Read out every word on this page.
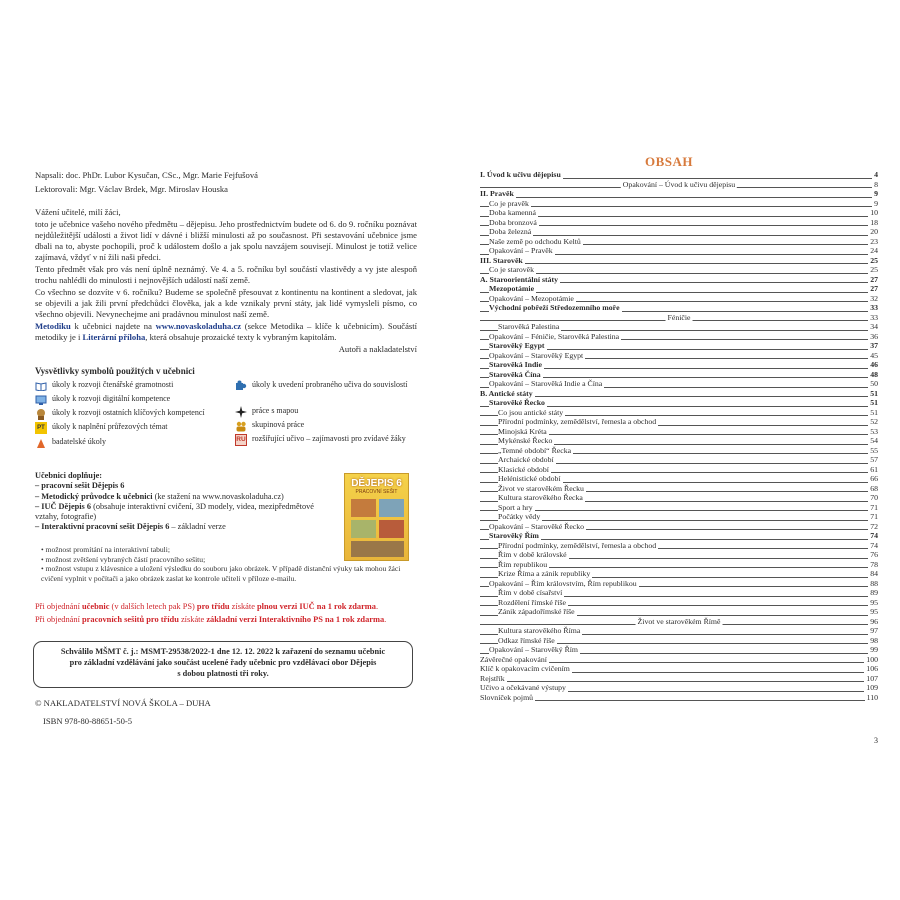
Napsali: doc. PhDr. Lubor Kysučan, CSc., Mgr. Marie Fejfušová
Lektorovali: Mgr. Václav Brdek, Mgr. Miroslav Houska

Vážení učitelé, milí žáci,

toto je učebnice vašeho nového předmětu – dějepisu. Jeho prostřednictvím budete od 6. do 9. ročníku poznávat nejdůležitější události a život lidí v dávné i bližší minulosti až po současnost. Při sestavování učebnice jsme dbali na to, abyste pochopili, proč k událostem došlo a jak spolu navzájem souvisejí. Minulost je totiž velice zajímavá, vždyť v ní žili naši předci.

Tento předmět však pro vás není úplně neznámý. Ve 4. a 5. ročníku byl součástí vlastivědy a vy jste alespoň trochu nahlédli do minulosti i nejnovějších událostí naší země.

Co všechno se dozvíte v 6. ročníku? Budeme se společně přesouvat z kontinentu na kontinent a sledovat, jak se objevili a jak žili první předchůdci člověka, jak a kde vznikaly první státy, jak lidé vymysleli písmo, co všechno objevili. Nevynechejme ani pradávnou minulost naší země.

Metodiku k učebnici najdete na www.novaskoladuha.cz (sekce Metodika – klíče k učebnicím). Součástí metodiky je i Literární příloha, která obsahuje prozaické texty k vybraným kapitolám.

Autoři a nakladatelství

Vysvětlivky symbolů použitých v učebnici
úkoly k rozvoji čtenářské gramotnosti
úkoly k rozvoji digitální kompetence
úkoly k rozvoji ostatních klíčových kompetencí
PT úkoly k naplnění průřezových témat
badatelské úkoly
úkoly k uvedení probraného učiva do souvislostí
práce s mapou
skupinová práce
RU rozšiřující učivo – zajímavosti pro zvídavé žáky
Učebnici doplňuje:
– pracovní sešit Dějepis 6
– Metodický průvodce k učebnici (ke stažení na www.novaskoladuha.cz)
– IUČ Dějepis 6 (obsahuje interaktivní cvičení, 3D modely, videa, mezipředmětové vztahy, fotografie)
– Interaktivní pracovní sešit Dějepis 6 – základní verze
• možnost promítání na interaktivní tabuli;
• možnost zvětšení vybraných částí pracovního sešitu;
• možnost vstupu z klávesnice a uložení výsledku do souboru jako obrázek. V případě distanční výuky tak mohou žáci cvičení vyplnit v počítači a jako obrázek zaslat ke kontrole učiteli v příloze e-mailu.
DĚJEPIS 6
PRACOVNÍ SEŠIT
Při objednání učebnic (v dalších letech pak PS) pro třídu získáte plnou verzi IUČ na 1 rok zdarma.
Při objednání pracovních sešitů pro třídu získáte základní verzi Interaktivního PS na 1 rok zdarma.
Schválilo MŠMT č. j.: MSMT-29538/2022-1 dne 12. 12. 2022 k zařazení do seznamu učebnic
pro základní vzdělávání jako součást ucelené řady učebnic pro vzdělávací obor Dějepis
s dobou platnosti tři roky.
© NAKLADATELSTVÍ NOVÁ ŠKOLA – DUHA
ISBN 978-80-88651-50-5
OBSAH
I. Úvod k učivu dějepisu	4
Opakování – Úvod k učivu dějepisu	8
II. Pravěk	9
Co je pravěk	9
Doba kamenná	10
Doba bronzová	18
Doba železná	20
Naše země po odchodu Keltů	23
Opakování – Pravěk	24
III. Starověk	25
Co je starověk	25
A. Staroorientální státy	27
Mezopotámie	27
Opakování – Mezopotámie	32
Východní pobřeží Středozemního moře	33
Féničie	33
Starověká Palestina	34
Opakování – Féničie, Starověká Palestina	36
Starověký Egypt	37
Opakování – Starověký Egypt	45
Starověká Indie	46
Starověká Čína	48
Opakování – Starověká Indie a Čína	50
B. Antické státy	51
Starověké Řecko	51
Co jsou antické státy	51
Přírodní podmínky, zemědělství, řemesla a obchod	52
Minojská Kréta	53
Mykénské Řecko	54
„Temné období“ Řecka	55
Archaické období	57
Klasické období	61
Helénistické období	66
Život ve starověkém Řecku	68
Kultura starověkého Řecka	70
Sport a hry	71
Počátky vědy	71
Opakování – Starověké Řecko	72
Starověký Řím	74
Přírodní podmínky, zemědělství, řemesla a obchod	74
Řím v době královské	76
Řím republikou	78
Krize Říma a zánik republiky	84
Opakování – Řím královstvím, Řím republikou	88
Řím v době císařství	89
Rozdělení římské říše	95
Zánik západořímské říše	95
Život ve starověkém Římě	96
Kultura starověkého Říma	97
Odkaz římské říše	98
Opakování – Starověký Řím	99
Závěrečné opakování	100
Klíč k opakovacím cvičením	106
Rejstřík	107
Učivo a očekávané výstupy	109
Slovníček pojmů	110
3
